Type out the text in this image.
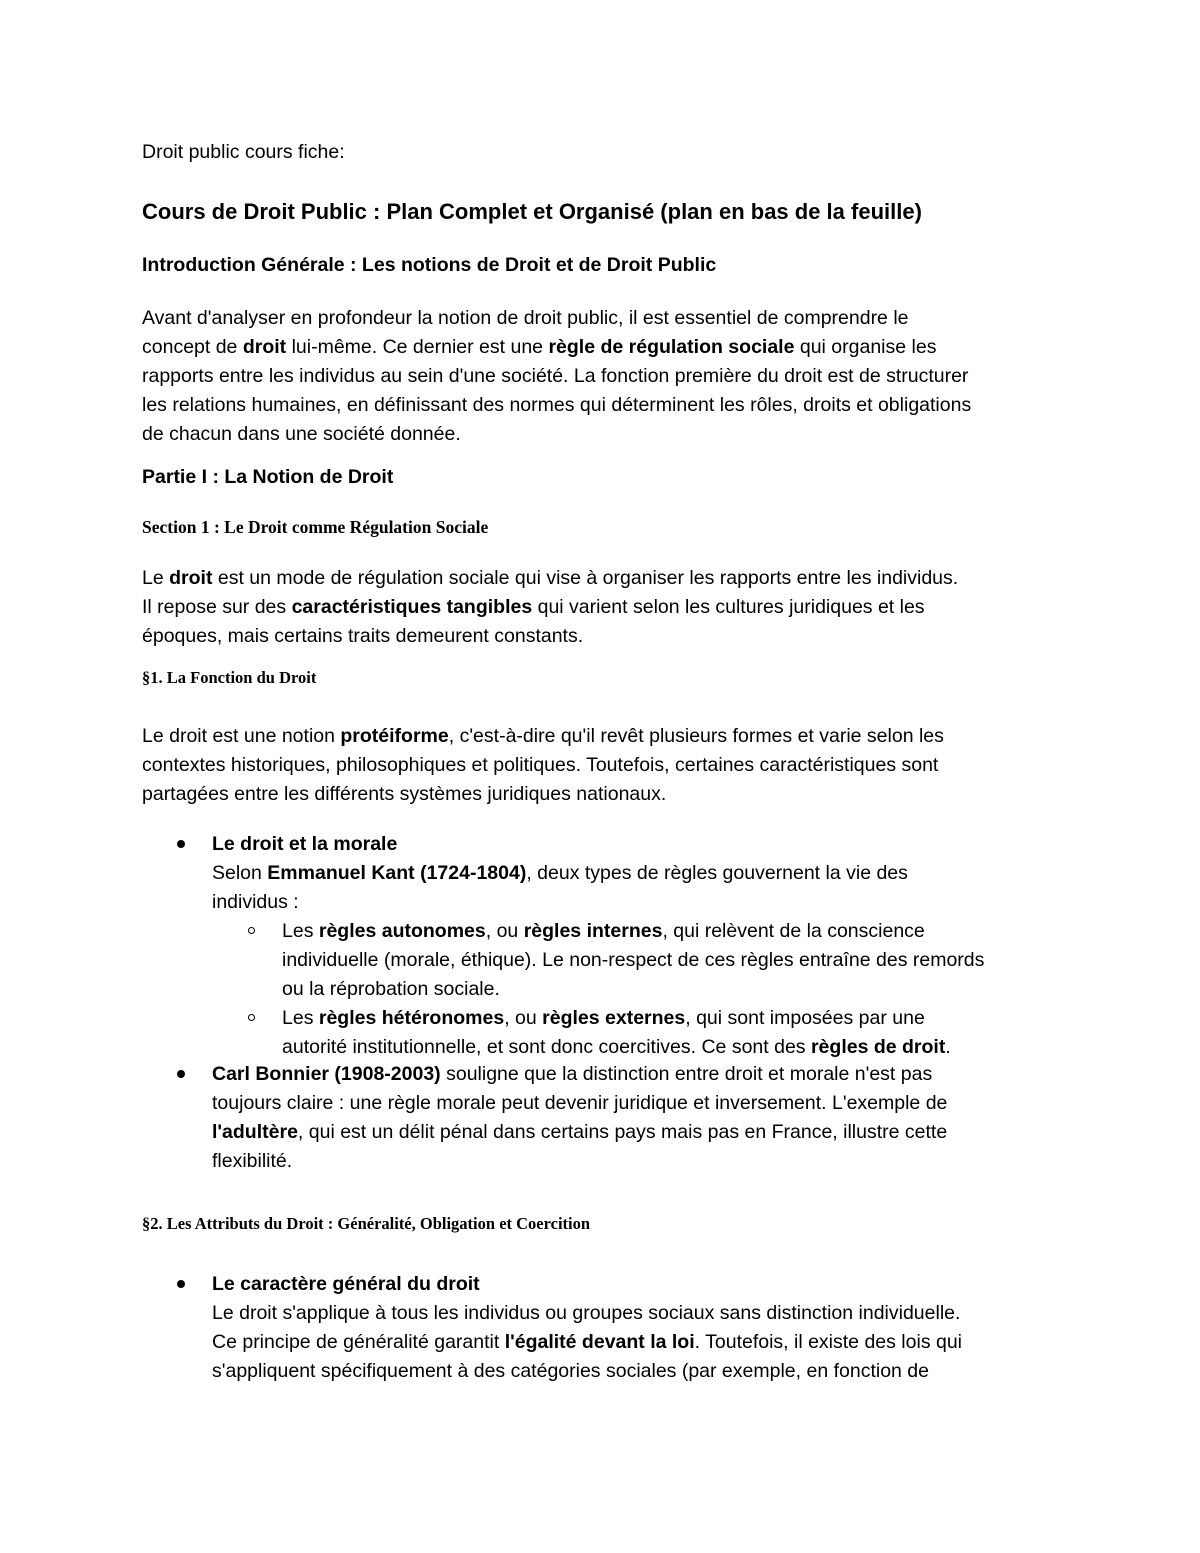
Droit public cours fiche:

Cours de Droit Public : Plan Complet et Organisé (plan en bas de la feuille)

Introduction Générale : Les notions de Droit et de Droit Public

Avant d'analyser en profondeur la notion de droit public, il est essentiel de comprendre le
concept de droit lui-même. Ce dernier est une règle de régulation sociale qui organise les
rapports entre les individus au sein d'une société. La fonction première du droit est de structurer
les relations humaines, en définissant des normes qui déterminent les rôles, droits et obligations
de chacun dans une société donnée.

Partie I : La Notion de Droit

Section 1 : Le Droit comme Régulation Sociale

Le droit est un mode de régulation sociale qui vise à organiser les rapports entre les individus.
Il repose sur des caractéristiques tangibles qui varient selon les cultures juridiques et les
époques, mais certains traits demeurent constants.

§1. La Fonction du Droit

Le droit est une notion protéiforme, c'est-à-dire qu'il revêt plusieurs formes et varie selon les
contextes historiques, philosophiques et politiques. Toutefois, certaines caractéristiques sont
partagées entre les différents systèmes juridiques nationaux.
Le droit et la morale
Selon Emmanuel Kant (1724-1804), deux types de règles gouvernent la vie des
individus :
Les règles autonomes, ou règles internes, qui relèvent de la conscience
individuelle (morale, éthique). Le non-respect de ces règles entraîne des remords
ou la réprobation sociale.
Les règles hétéronomes, ou règles externes, qui sont imposées par une
autorité institutionnelle, et sont donc coercitives. Ce sont des règles de droit.
Carl Bonnier (1908-2003) souligne que la distinction entre droit et morale n'est pas
toujours claire : une règle morale peut devenir juridique et inversement. L'exemple de
l'adultère, qui est un délit pénal dans certains pays mais pas en France, illustre cette
flexibilité.

§2. Les Attributs du Droit : Généralité, Obligation et Coercition

Le caractère général du droit
Le droit s'applique à tous les individus ou groupes sociaux sans distinction individuelle.
Ce principe de généralité garantit l'égalité devant la loi. Toutefois, il existe des lois qui
s'appliquent spécifiquement à des catégories sociales (par exemple, en fonction de
